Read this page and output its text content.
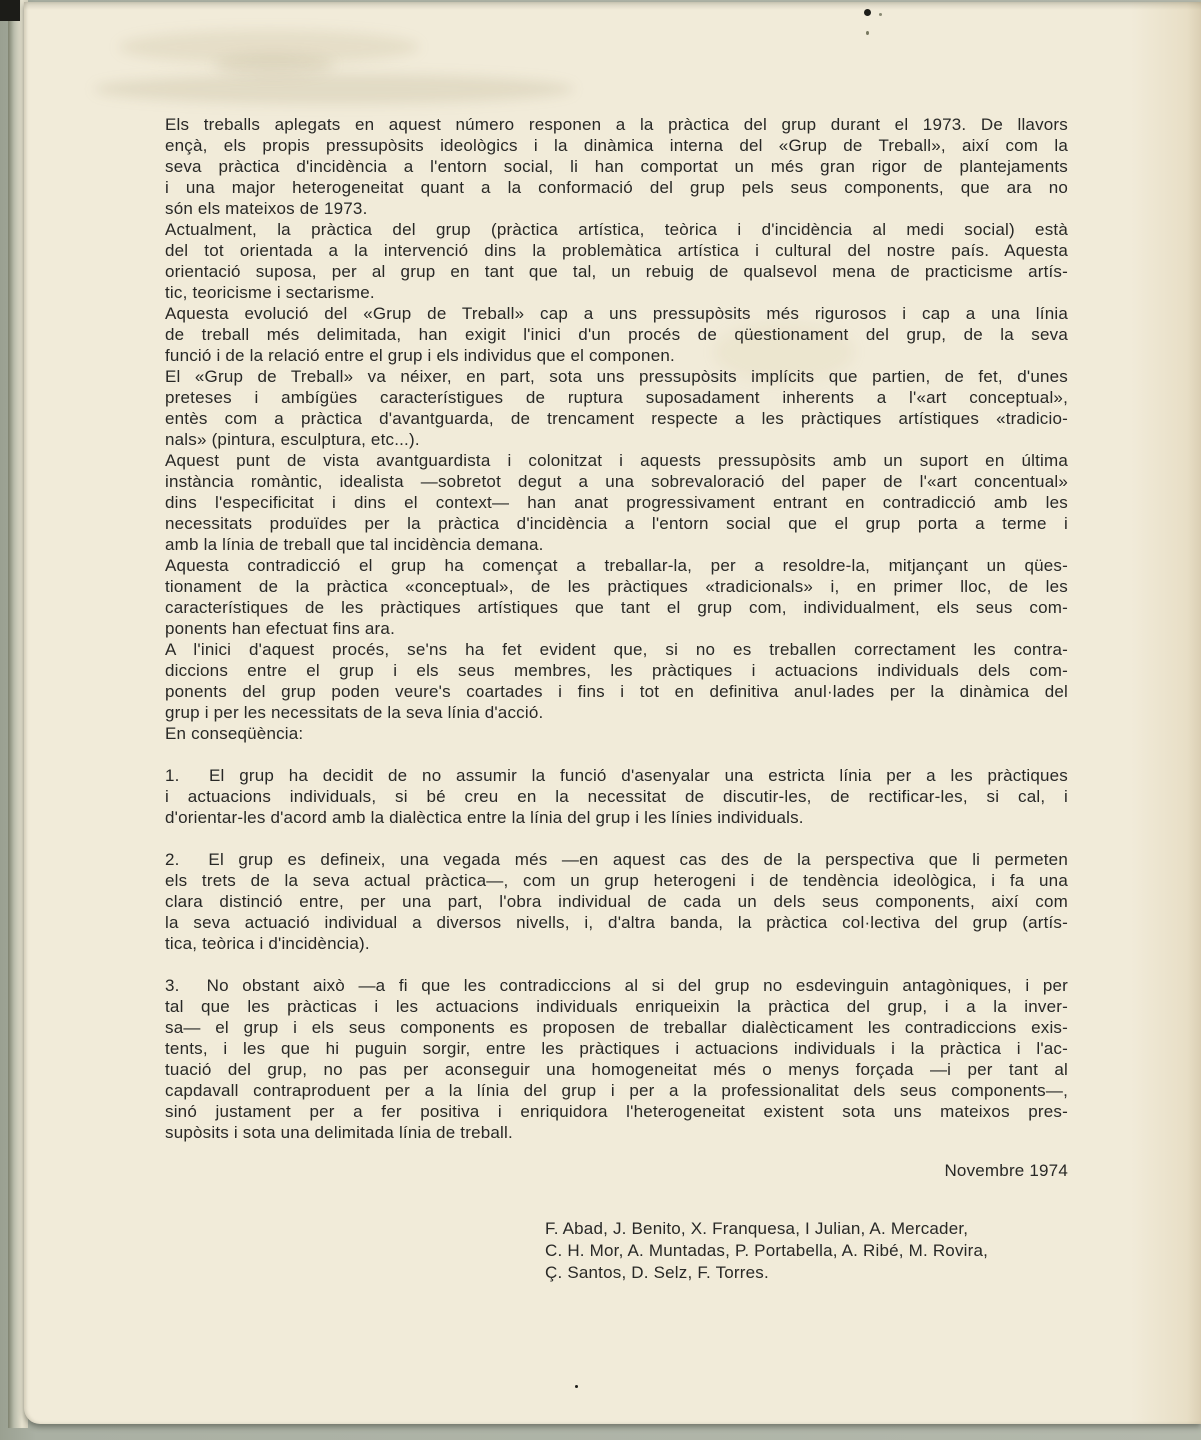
Els treballs aplegats en aquest número responen a la pràctica del grup durant el 1973. De llavors
ençà, els propis pressupòsits ideològics i la dinàmica interna del «Grup de Treball», així com la
seva pràctica d'incidència a l'entorn social, li han comportat un més gran rigor de plantejaments
i una major heterogeneitat quant a la conformació del grup pels seus components, que ara no
són els mateixos de 1973.
Actualment, la pràctica del grup (pràctica artística, teòrica i d'incidència al medi social) està
del tot orientada a la intervenció dins la problemàtica artística i cultural del nostre país. Aquesta
orientació suposa, per al grup en tant que tal, un rebuig de qualsevol mena de practicisme artís-
tic, teoricisme i sectarisme.
Aquesta evolució del «Grup de Treball» cap a uns pressupòsits més rigurosos i cap a una línia
de treball més delimitada, han exigit l'inici d'un procés de qüestionament del grup, de la seva
funció i de la relació entre el grup i els individus que el componen.
El «Grup de Treball» va néixer, en part, sota uns pressupòsits implícits que partien, de fet, d'unes
preteses i ambígües característigues de ruptura suposadament inherents a l'«art conceptual»,
entès com a pràctica d'avantguarda, de trencament respecte a les pràctiques artístiques «tradicio-
nals» (pintura, esculptura, etc...).
Aquest punt de vista avantguardista i colonitzat i aquests pressupòsits amb un suport en última
instància romàntic, idealista —sobretot degut a una sobrevaloració del paper de l'«art concentual»
dins l'especificitat i dins el context— han anat progressivament entrant en contradicció amb les
necessitats produïdes per la pràctica d'incidència a l'entorn social que el grup porta a terme i
amb la línia de treball que tal incidència demana.
Aquesta contradicció el grup ha començat a treballar-la, per a resoldre-la, mitjançant un qües-
tionament de la pràctica «conceptual», de les pràctiques «tradicionals» i, en primer lloc, de les
característiques de les pràctiques artístiques que tant el grup com, individualment, els seus com-
ponents han efectuat fins ara.
A l'inici d'aquest procés, se'ns ha fet evident que, si no es treballen correctament les contra-
diccions entre el grup i els seus membres, les pràctiques i actuacions individuals dels com-
ponents del grup poden veure's coartades i fins i tot en definitiva anul·lades per la dinàmica del
grup i per les necessitats de la seva línia d'acció.
En conseqüència:
1.  El grup ha decidit de no assumir la funció d'asenyalar una estricta línia per a les pràctiques
i actuacions individuals, si bé creu en la necessitat de discutir-les, de rectificar-les, si cal, i
d'orientar-les d'acord amb la dialèctica entre la línia del grup i les línies individuals.
2.  El grup es defineix, una vegada més —en aquest cas des de la perspectiva que li permeten
els trets de la seva actual pràctica—, com un grup heterogeni i de tendència ideològica, i fa una
clara distinció entre, per una part, l'obra individual de cada un dels seus components, així com
la seva actuació individual a diversos nivells, i, d'altra banda, la pràctica col·lectiva del grup (artís-
tica, teòrica i d'incidència).
3.  No obstant això —a fi que les contradiccions al si del grup no esdevinguin antagòniques, i per
tal que les pràcticas i les actuacions individuals enriqueixin la pràctica del grup, i a la inver-
sa— el grup i els seus components es proposen de treballar dialècticament les contradiccions exis-
tents, i les que hi puguin sorgir, entre les pràctiques i actuacions individuals i la pràctica i l'ac-
tuació del grup, no pas per aconseguir una homogeneitat més o menys forçada —i per tant al
capdavall contraproduent per a la línia del grup i per a la professionalitat dels seus components—,
sinó justament per a fer positiva i enriquidora l'heterogeneitat existent sota uns mateixos pres-
supòsits i sota una delimitada línia de treball.
Novembre 1974
F. Abad, J. Benito, X. Franquesa, I Julian, A. Mercader,
C. H. Mor, A. Muntadas, P. Portabella, A. Ribé, M. Rovira,
Ç. Santos, D. Selz, F. Torres.
